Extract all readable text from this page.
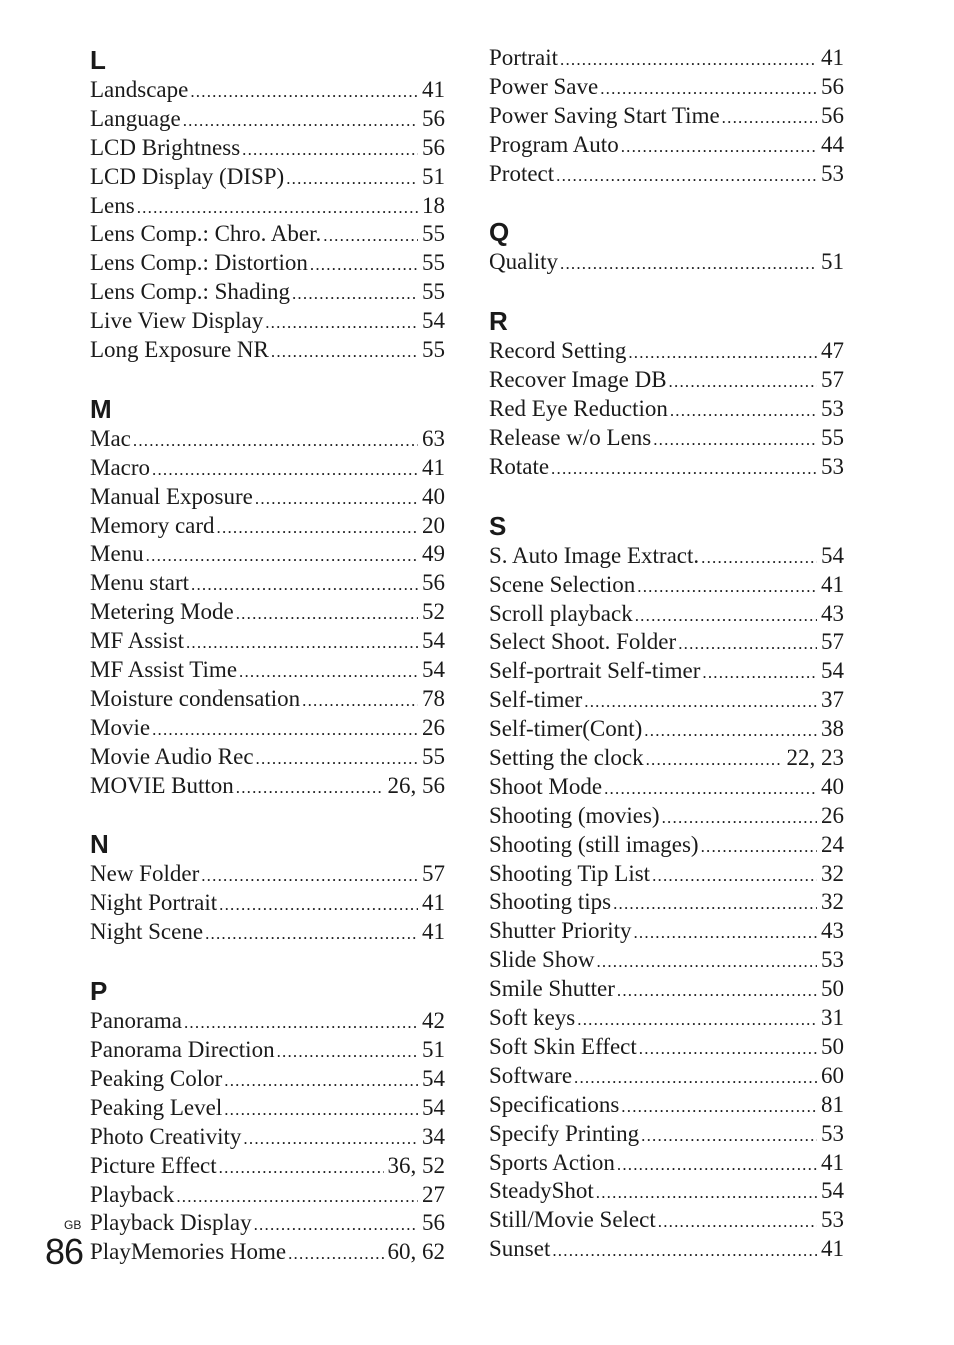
L
Landscape .....	41
Language .....	56
LCD Brightness .....	56
LCD Display (DISP) .....	51
Lens .....	18
Lens Comp.: Chro. Aber. .....	55
Lens Comp.: Distortion .....	55
Lens Comp.: Shading .....	55
Live View Display .....	54
Long Exposure NR .....	55
M
Mac .....	63
Macro .....	41
Manual Exposure .....	40
Memory card .....	20
Menu .....	49
Menu start .....	56
Metering Mode .....	52
MF Assist .....	54
MF Assist Time .....	54
Moisture condensation .....	78
Movie .....	26
Movie Audio Rec .....	55
MOVIE Button .....	26, 56
N
New Folder .....	57
Night Portrait .....	41
Night Scene .....	41
P
Panorama .....	42
Panorama Direction .....	51
Peaking Color .....	54
Peaking Level .....	54
Photo Creativity .....	34
Picture Effect .....	36, 52
Playback .....	27
Playback Display .....	56
PlayMemories Home .....	60, 62
Portrait .....	41
Power Save .....	56
Power Saving Start Time .....	56
Program Auto .....	44
Protect .....	53
Q
Quality .....	51
R
Record Setting .....	47
Recover Image DB .....	57
Red Eye Reduction .....	53
Release w/o Lens .....	55
Rotate .....	53
S
S. Auto Image Extract. .....	54
Scene Selection .....	41
Scroll playback .....	43
Select Shoot. Folder .....	57
Self-portrait Self-timer .....	54
Self-timer .....	37
Self-timer(Cont) .....	38
Setting the clock .....	22, 23
Shoot Mode .....	40
Shooting (movies) .....	26
Shooting (still images) .....	24
Shooting Tip List .....	32
Shooting tips .....	32
Shutter Priority .....	43
Slide Show .....	53
Smile Shutter .....	50
Soft keys .....	31
Soft Skin Effect .....	50
Software .....	60
Specifications .....	81
Specify Printing .....	53
Sports Action .....	41
SteadyShot .....	54
Still/Movie Select .....	53
Sunset .....	41
GB
86
